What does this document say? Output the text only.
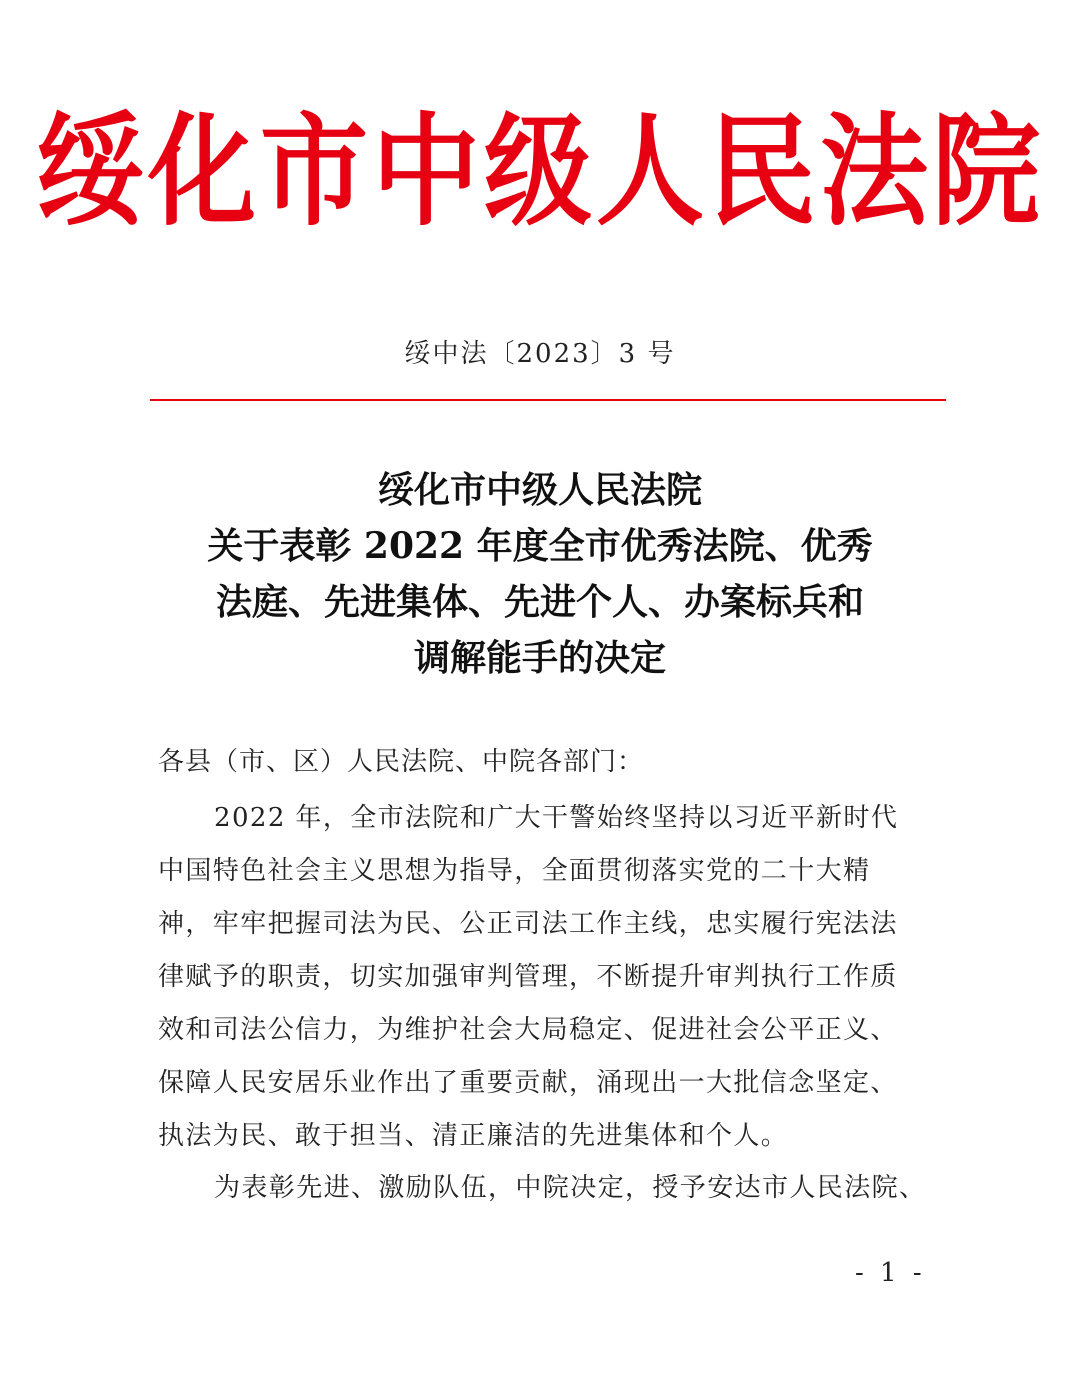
绥化市中级人民法院
绥中法〔2023〕3 号
绥化市中级人民法院
关于表彰 2022 年度全市优秀法院、优秀
法庭、先进集体、先进个人、办案标兵和
调解能手的决定
各县（市、区）人民法院、中院各部门：
2022 年，全市法院和广大干警始终坚持以习近平新时代
中国特色社会主义思想为指导，全面贯彻落实党的二十大精
神，牢牢把握司法为民、公正司法工作主线，忠实履行宪法法
律赋予的职责，切实加强审判管理，不断提升审判执行工作质
效和司法公信力，为维护社会大局稳定、促进社会公平正义、
保障人民安居乐业作出了重要贡献，涌现出一大批信念坚定、
执法为民、敢于担当、清正廉洁的先进集体和个人。
为表彰先进、激励队伍，中院决定，授予安达市人民法院、
- 1 -
